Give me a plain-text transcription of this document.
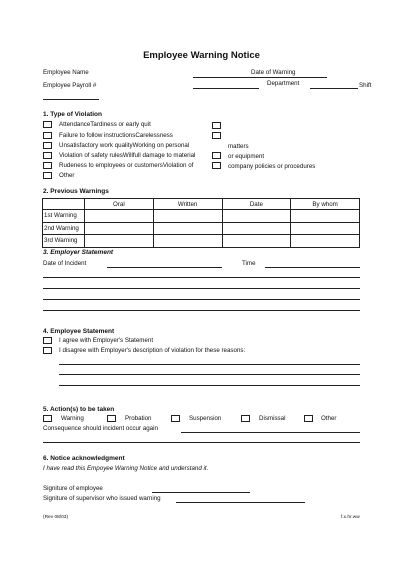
Employee Warning Notice
Employee Name	Date of Warning
Employee Payroll #	Department	Shift
1. Type of Violation
AttendanceTardiness or early quit
Failure to follow instructionsCarelessness
Unsatisfactory work qualityWorking on personal	matters
Violation of safety rulesWillfull damage to material	or equipment
Rudeness to employees or customersViolation of	company policies or procedures
Other
2. Previous Warnings
	Oral	Written	Date	By whom
1st Warning				
2nd Warning				
3rd Warning				
3. Employer Statement
Date of Incident	Time
4. Employee Statement
I agree with Employer's Statement
I disagree with Employer's description of violation for these reasons:
5. Action(s) to be taken
Warning	Probation	Suspension	Dismissal	Other
Consequence should incident occur again
6. Notice acknowledgment
I have read this Empoyee Warning Notice and understand it.
Signiture of employee
Signiture of supervisor who issued warning
(Rev 08/03)	f.x.hr.ww
